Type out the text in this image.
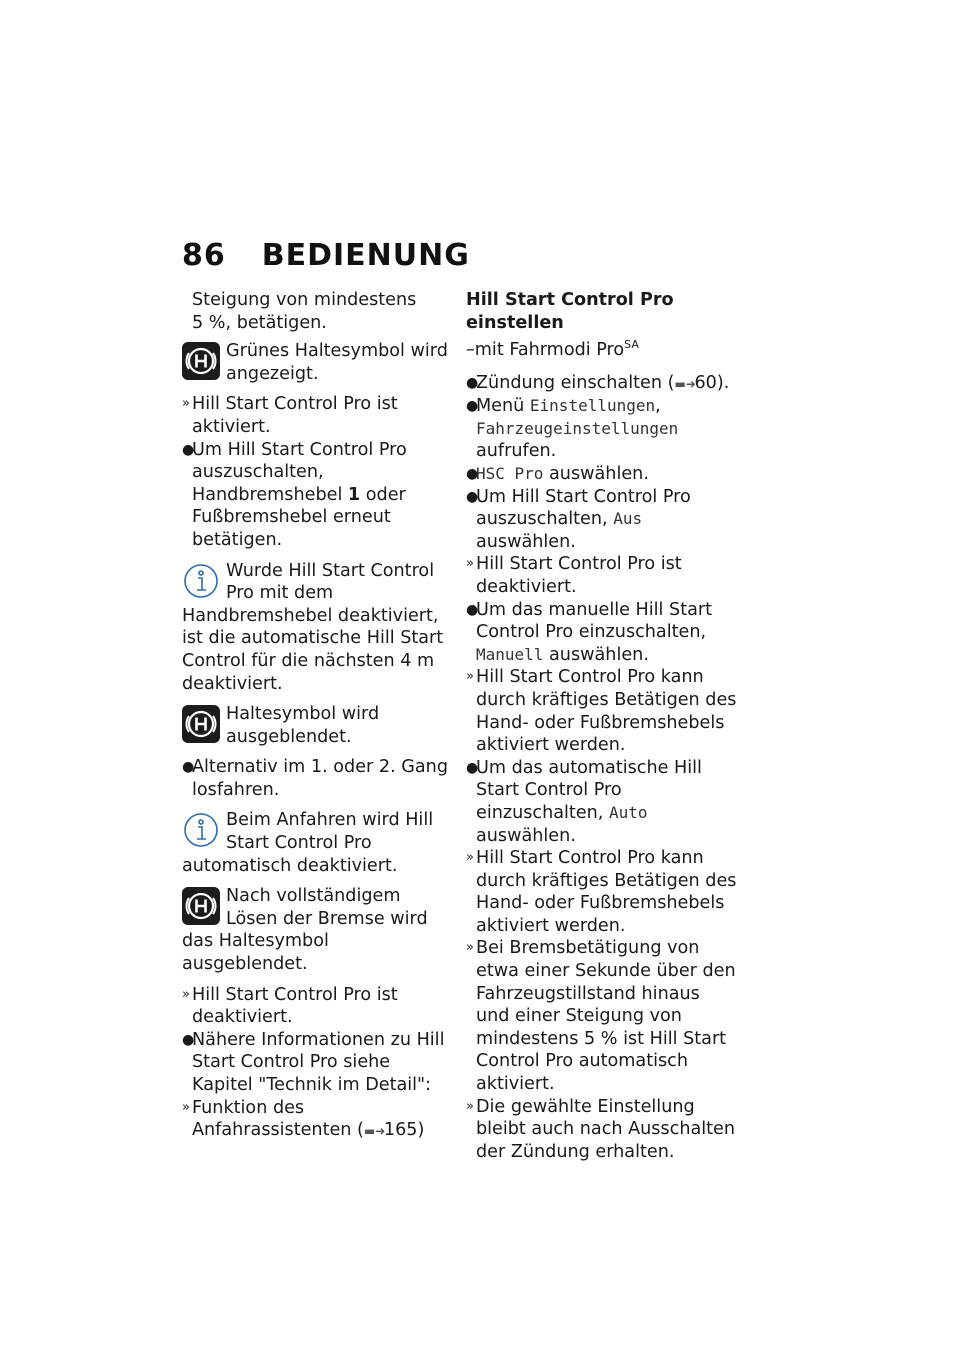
86 BEDIENUNG
Steigung von mindestens
5 %, betätigen.
Grünes Haltesymbol wird angezeigt.
» Hill Start Control Pro ist aktiviert.
●
Um Hill Start Control Pro auszuschalten, Handbremshebel 1 oder Fußbremshebel erneut betätigen.
Wurde Hill Start Control Pro mit dem Handbremshebel deaktiviert, ist die automatische Hill Start Control für die nächsten 4 m deaktiviert.
Haltesymbol wird ausgeblendet.
●
Alternativ im 1. oder 2. Gang losfahren.
Beim Anfahren wird Hill Start Control Pro automatisch deaktiviert.
Nach vollständigem Lösen der Bremse wird das Haltesymbol ausgeblendet.
» Hill Start Control Pro ist deaktiviert.
●
Nähere Informationen zu Hill Start Control Pro siehe Kapitel "Technik im Detail":
» Funktion des Anfahrassistenten (▬➜165)
Hill Start Control Pro einstellen
–mit Fahrmodi Pro$^{SA}$
●
Zündung einschalten (▬➜60).
●
Menü Einstellungen, Fahrzeugeinstellungen aufrufen.
●
HSC Pro auswählen.
●
Um Hill Start Control Pro auszuschalten, Aus auswählen.
» Hill Start Control Pro ist deaktiviert.
●
Um das manuelle Hill Start Control Pro einzuschalten, Manuell auswählen.
» Hill Start Control Pro kann durch kräftiges Betätigen des Hand- oder Fußbremshebels aktiviert werden.
●
Um das automatische Hill Start Control Pro einzuschalten, Auto auswählen.
» Hill Start Control Pro kann durch kräftiges Betätigen des Hand- oder Fußbremshebels aktiviert werden.
» Bei Bremsbetätigung von etwa einer Sekunde über den Fahrzeugstillstand hinaus und einer Steigung von mindestens 5 % ist Hill Start Control Pro automatisch aktiviert.
» Die gewählte Einstellung bleibt auch nach Ausschalten der Zündung erhalten.
